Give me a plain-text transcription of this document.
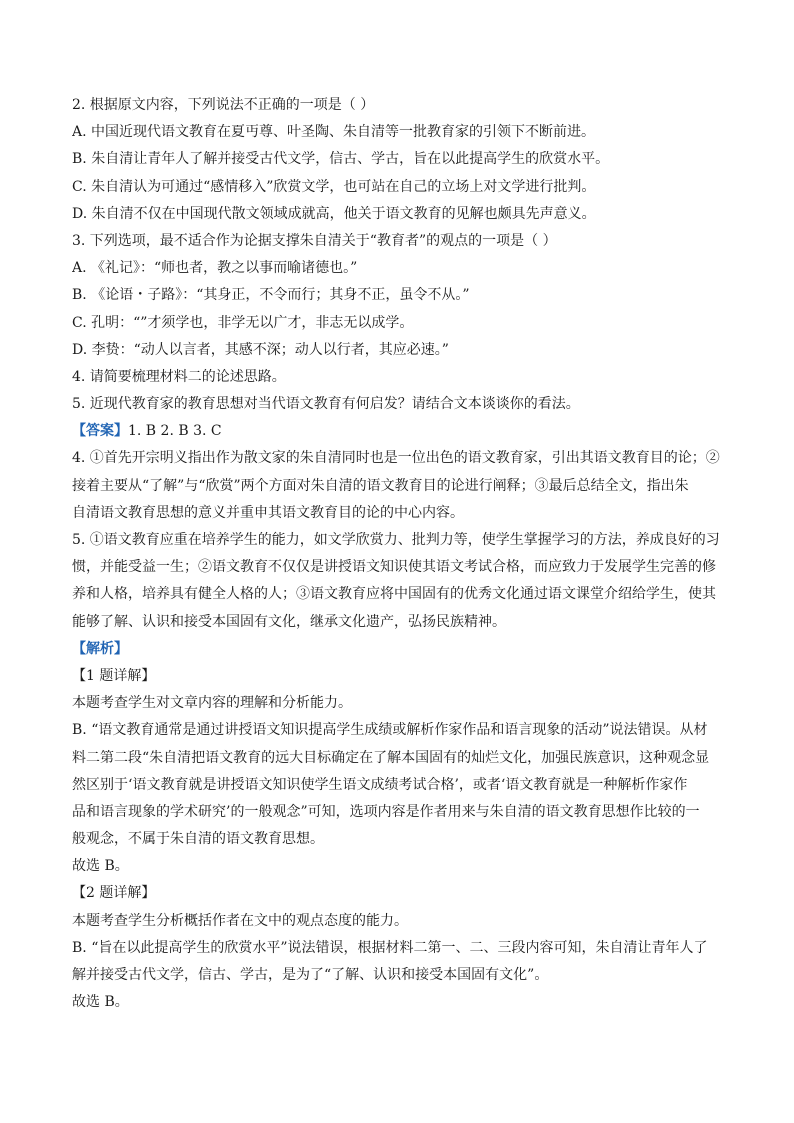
2. 根据原文内容，下列说法不正确的一项是（ ）
A. 中国近现代语文教育在夏丏尊、叶圣陶、朱自清等一批教育家的引领下不断前进。
B. 朱自清让青年人了解并接受古代文学，信古、学古，旨在以此提高学生的欣赏水平。
C. 朱自清认为可通过“感情移入”欣赏文学，也可站在自己的立场上对文学进行批判。
D. 朱自清不仅在中国现代散文领域成就高，他关于语文教育的见解也颇具先声意义。
3. 下列选项，最不适合作为论据支撑朱自清关于“教育者”的观点的一项是（ ）
A. 《礼记》：“师也者，教之以事而喻诸德也。”
B. 《论语・子路》：“其身正，不令而行；其身不正，虽令不从。”
C. 孔明：“”才须学也，非学无以广才，非志无以成学。
D. 李贽：“动人以言者，其感不深；动人以行者，其应必速。”
4. 请简要梳理材料二的论述思路。
5. 近现代教育家的教育思想对当代语文教育有何启发？请结合文本谈谈你的看法。
【答案】1. B 2. B 3. C
4. ①首先开宗明义指出作为散文家的朱自清同时也是一位出色的语文教育家，引出其语文教育目的论；②
接着主要从“了解”与“欣赏”两个方面对朱自清的语文教育目的论进行阐释；③最后总结全文，指出朱
自清语文教育思想的意义并重申其语文教育目的论的中心内容。
5. ①语文教育应重在培养学生的能力，如文学欣赏力、批判力等，使学生掌握学习的方法，养成良好的习
惯，并能受益一生；②语文教育不仅仅是讲授语文知识使其语文考试合格，而应致力于发展学生完善的修
养和人格，培养具有健全人格的人；③语文教育应将中国固有的优秀文化通过语文课堂介绍给学生，使其
能够了解、认识和接受本国固有文化，继承文化遗产，弘扬民族精神。
【解析】
【1 题详解】
本题考查学生对文章内容的理解和分析能力。
B. “语文教育通常是通过讲授语文知识提高学生成绩或解析作家作品和语言现象的活动”说法错误。从材
料二第二段“朱自清把语文教育的远大目标确定在了解本国固有的灿烂文化，加强民族意识，这种观念显
然区别于‘语文教育就是讲授语文知识使学生语文成绩考试合格’，或者‘语文教育就是一种解析作家作
品和语言现象的学术研究’的一般观念”可知，选项内容是作者用来与朱自清的语文教育思想作比较的一
般观念，不属于朱自清的语文教育思想。
故选 B。
【2 题详解】
本题考查学生分析概括作者在文中的观点态度的能力。
B. “旨在以此提高学生的欣赏水平”说法错误，根据材料二第一、二、三段内容可知，朱自清让青年人了
解并接受古代文学，信古、学古，是为了“了解、认识和接受本国固有文化”。
故选 B。
